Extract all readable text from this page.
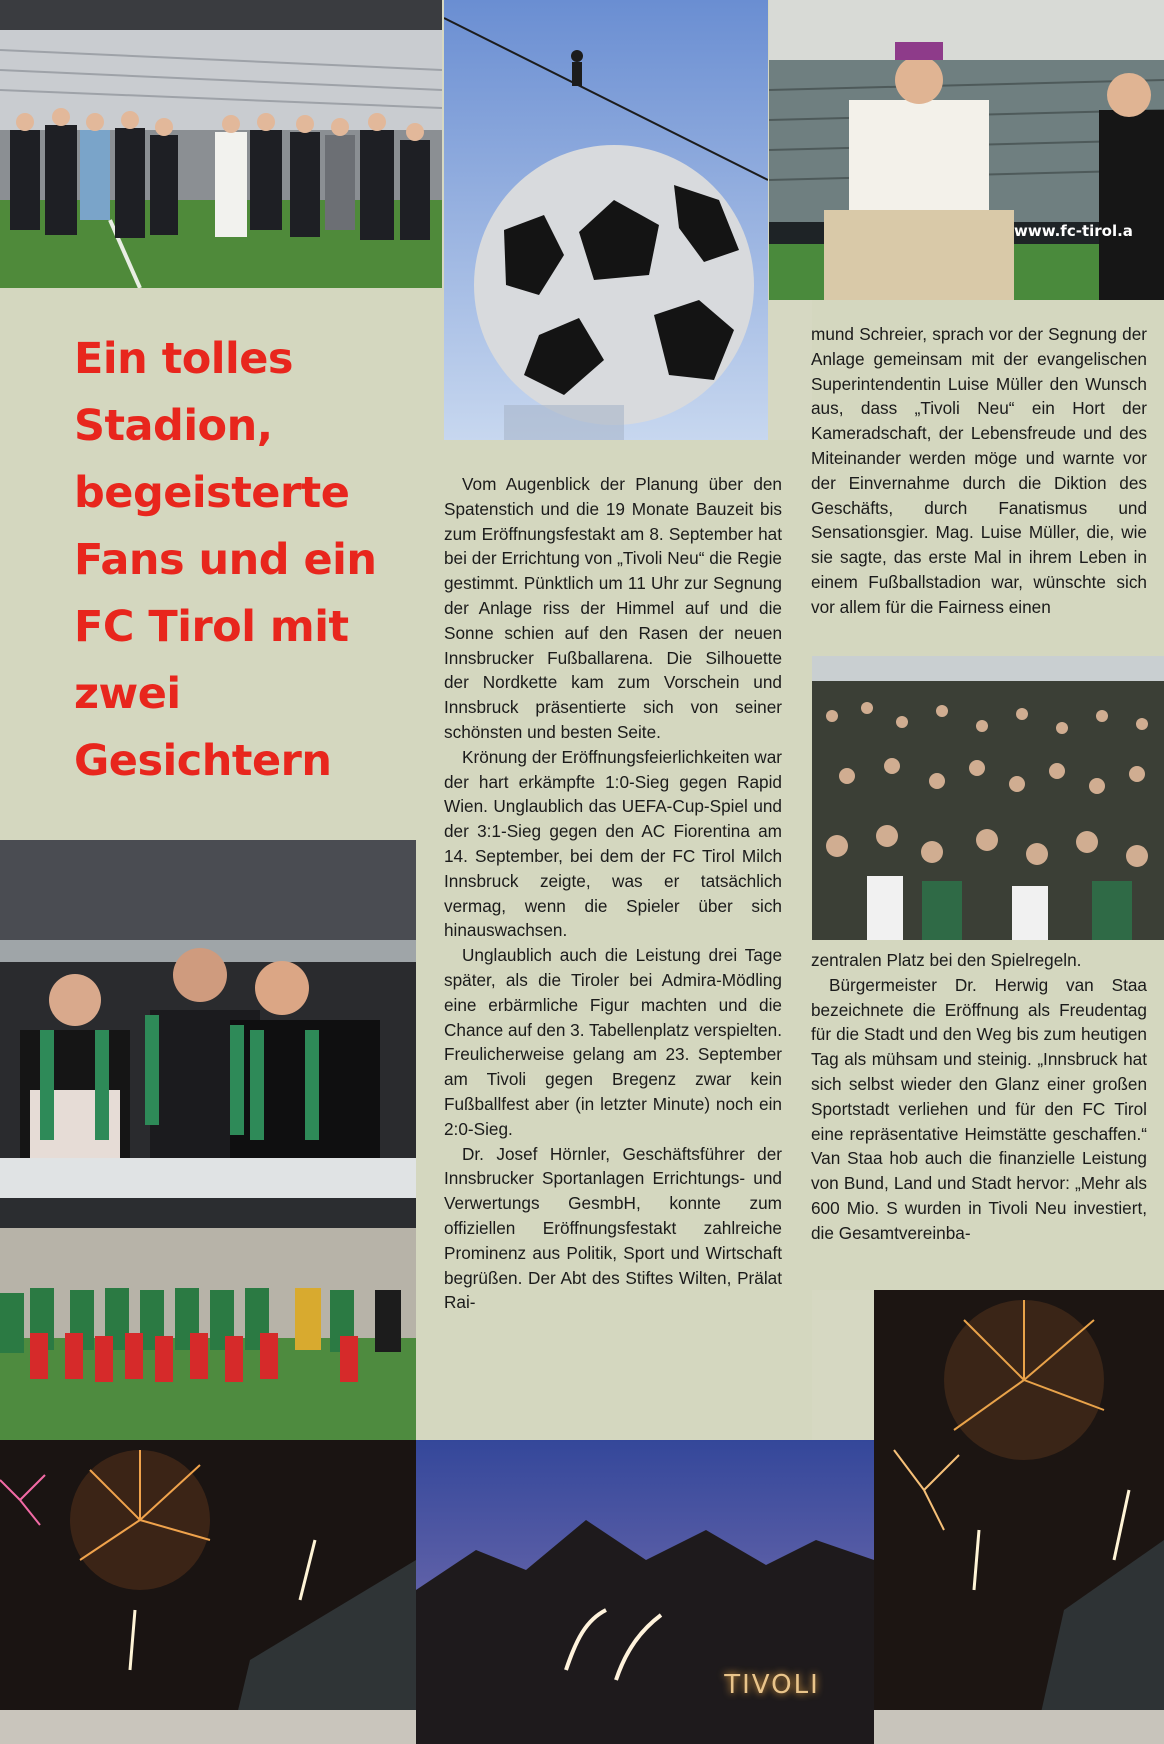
www.fc-tirol.a
Ein tolles Stadion, begeisterte Fans und ein FC Tirol mit zwei Gesichtern

Vom Augenblick der Planung über den Spatenstich und die 19 Monate Bauzeit bis zum Eröffnungsfestakt am 8. September hat bei der Errichtung von „Tivoli Neu“ die Regie gestimmt. Pünktlich um 11 Uhr zur Segnung der Anlage riss der Himmel auf und die Sonne schien auf den Rasen der neuen Innsbrucker Fußballarena. Die Silhouette der Nordkette kam zum Vorschein und Innsbruck präsentierte sich von seiner schönsten und besten Seite.

Krönung der Eröffnungsfeierlichkeiten war der hart erkämpfte 1:0-Sieg gegen Rapid Wien. Unglaublich das UEFA-Cup-Spiel und der 3:1-Sieg gegen den AC Fiorentina am 14. September, bei dem der FC Tirol Milch Innsbruck zeigte, was er tatsächlich vermag, wenn die Spieler über sich hinauswachsen.

Unglaublich auch die Leistung drei Tage später, als die Tiroler bei Admira-Mödling eine erbärmliche Figur machten und die Chance auf den 3. Tabellenplatz verspielten. Freulicherweise gelang am 23. September am Tivoli gegen Bregenz zwar kein Fußballfest aber (in letzter Minute) noch ein 2:0-Sieg.

Dr. Josef Hörnler, Geschäftsführer der Innsbrucker Sportanlagen Errichtungs- und Verwertungs GesmbH, konnte zum offiziellen Eröffnungsfestakt zahlreiche Prominenz aus Politik, Sport und Wirtschaft begrüßen. Der Abt des Stiftes Wilten, Prälat Rai-

mund Schreier, sprach vor der Segnung der Anlage gemeinsam mit der evangelischen Superintendentin Luise Müller den Wunsch aus, dass „Tivoli Neu“ ein Hort der Kameradschaft, der Lebensfreude und des Miteinander werden möge und warnte vor der Einvernahme durch die Diktion des Geschäfts, durch Fanatismus und Sensationsgier. Mag. Luise Müller, die, wie sie sagte, das erste Mal in ihrem Leben in einem Fußballstadion war, wünschte sich vor allem für die Fairness einen

zentralen Platz bei den Spielregeln.

Bürgermeister Dr. Herwig van Staa bezeichnete die Eröffnung als Freudentag für die Stadt und den Weg bis zum heutigen Tag als mühsam und steinig. „Innsbruck hat sich selbst wieder den Glanz einer großen Sportstadt verliehen und für den FC Tirol eine repräsentative Heimstätte geschaffen.“ Van Staa hob auch die finanzielle Leistung von Bund, Land und Stadt hervor: „Mehr als 600 Mio. S wurden in Tivoli Neu investiert, die Gesamtvereinba-

TIVOLI
